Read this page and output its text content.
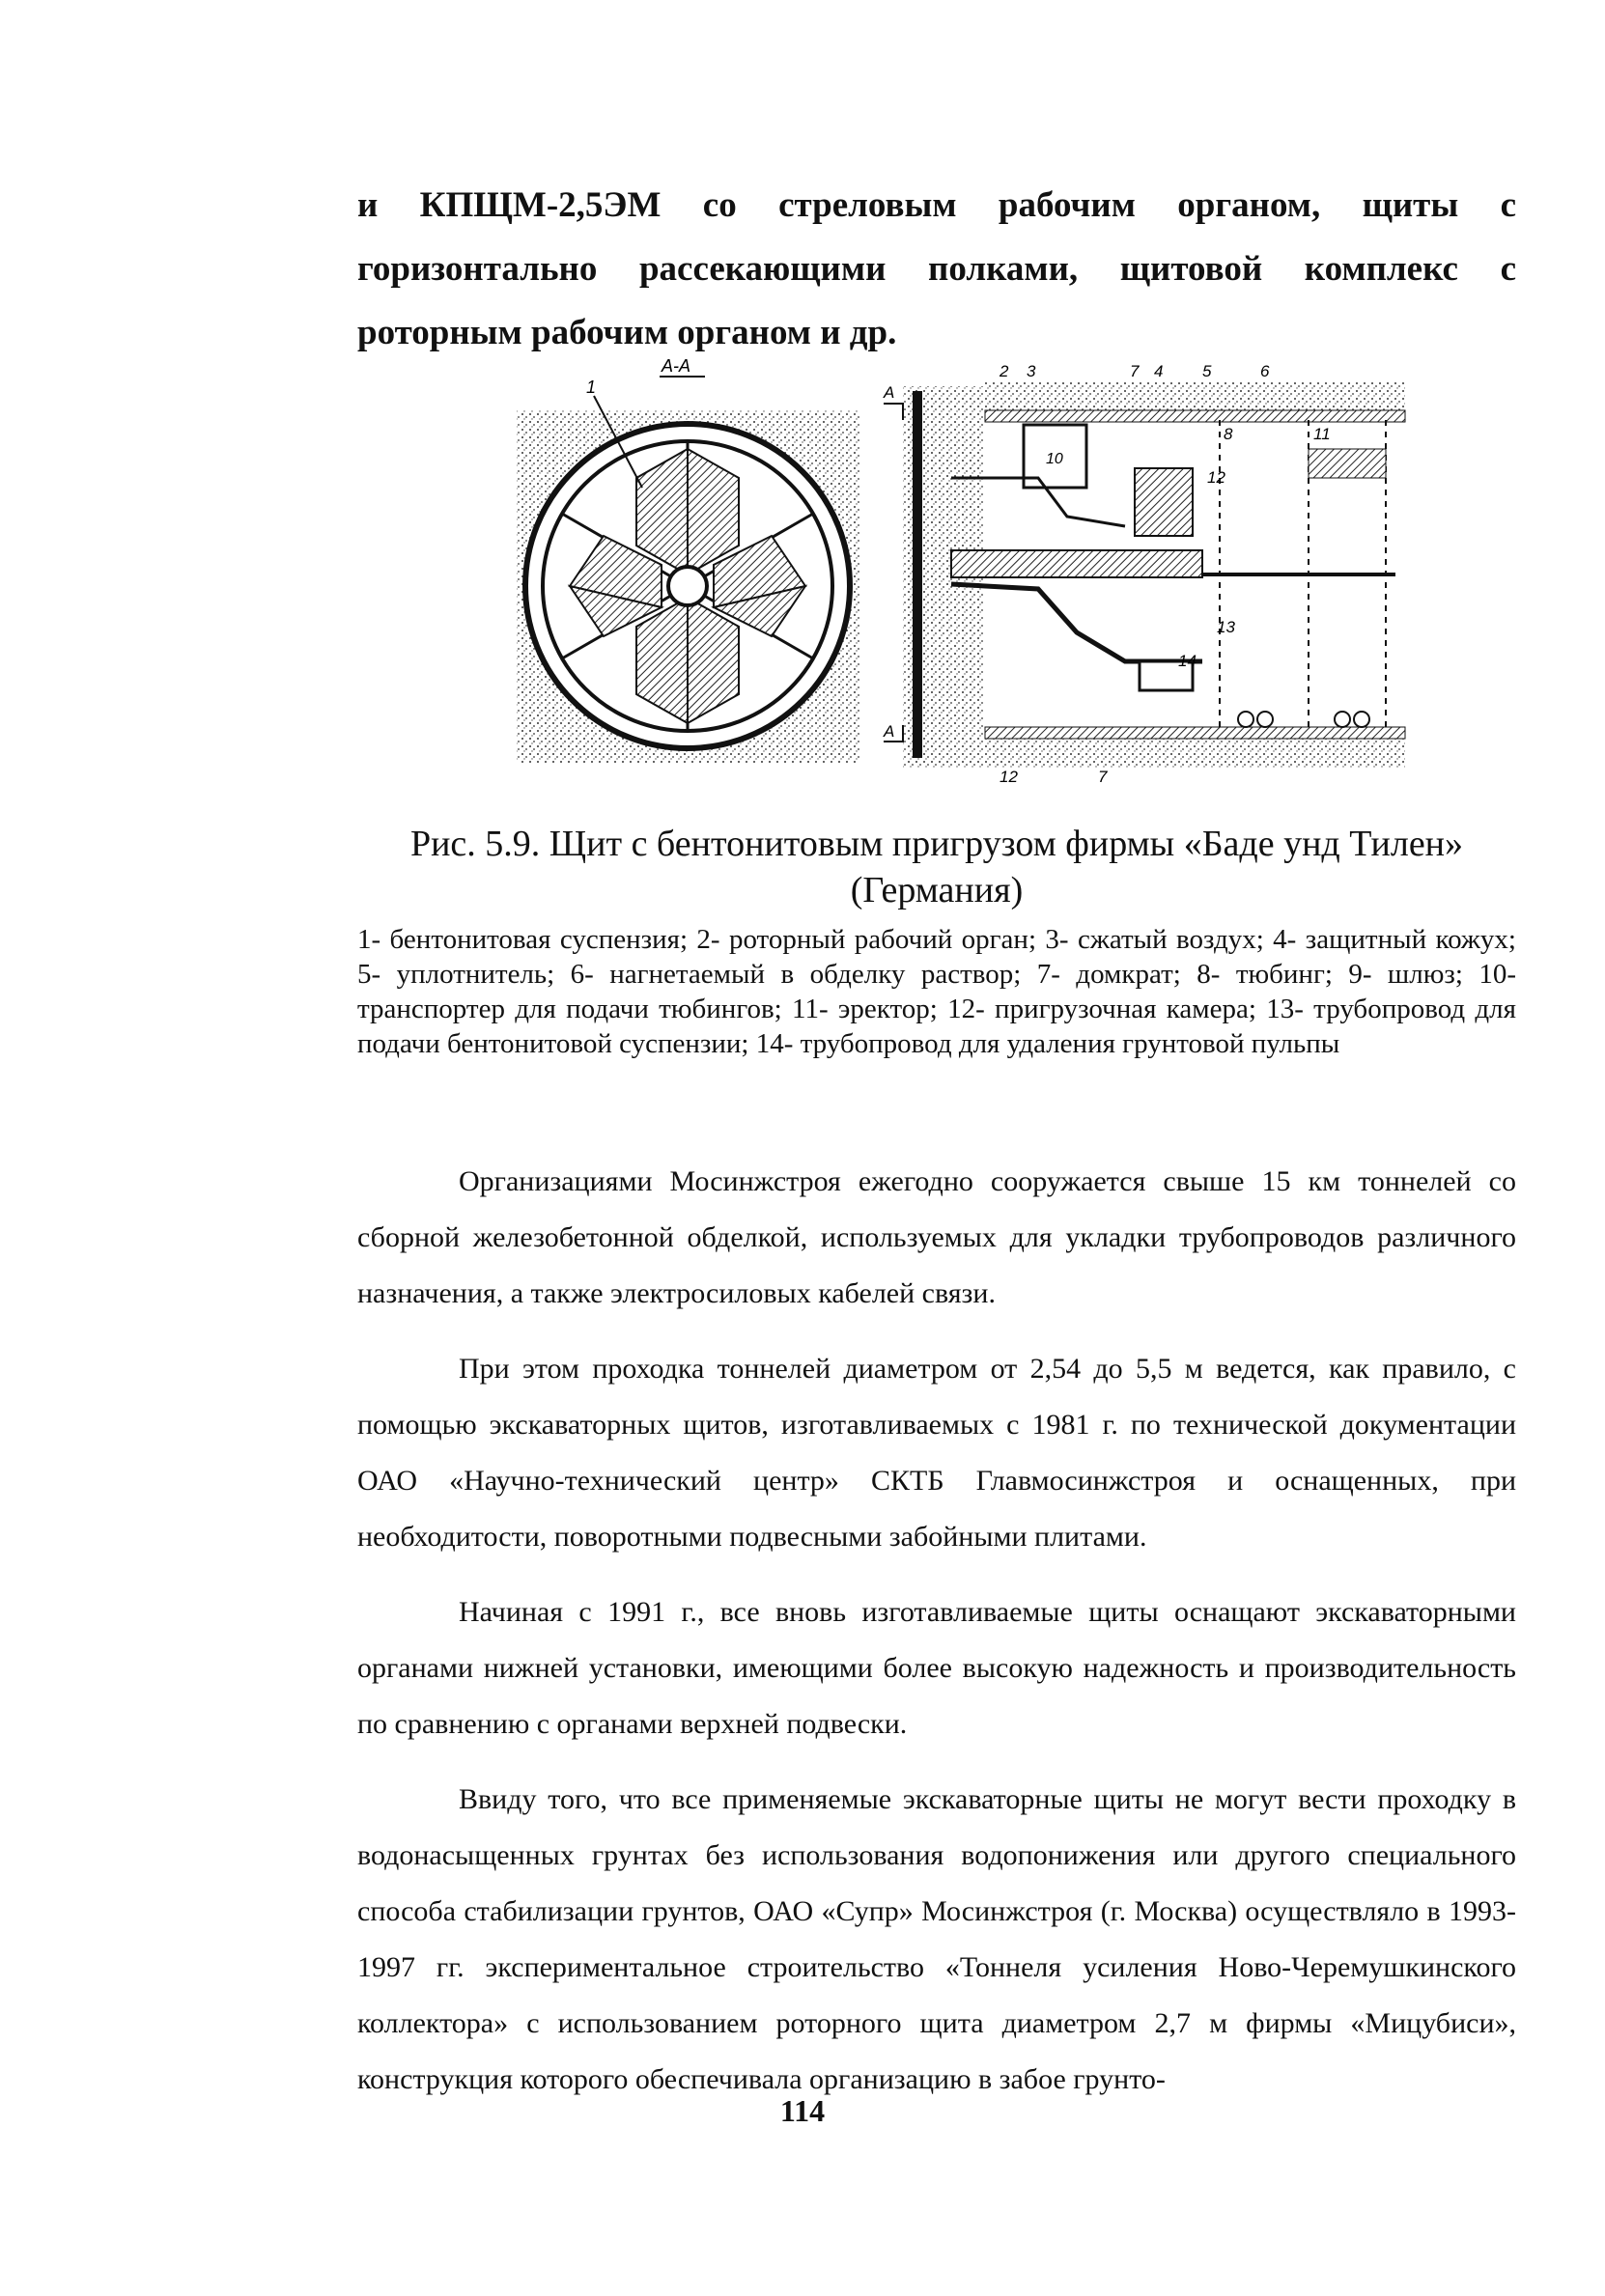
и КПЩМ-2,5ЭМ со стреловым рабочим органом, щиты с горизонтально рассекающими полками, щитовой комплекс с роторным рабочим органом и др.
А-А
1
10
2 3	7 4 5	6
8	11
12
14
13
12	7
А
А
Рис. 5.9. Щит с бентонитовым пригрузом фирмы «Баде унд Тилен» (Германия)
1- бентонитовая суспензия; 2- роторный рабочий орган; 3- сжатый воздух; 4- защитный кожух; 5- уплотнитель; 6- нагнетаемый в обделку раствор; 7- домкрат; 8- тюбинг; 9- шлюз; 10- транспортер для подачи тюбингов; 11- эректор; 12- пригрузочная камера; 13- трубопровод для подачи бентонитовой суспензии; 14- трубопровод для удаления грунтовой пульпы

Организациями Мосинжстроя ежегодно сооружается свыше 15 км тоннелей со сборной железобетонной обделкой, используемых для укладки трубопроводов различного назначения, а также электросиловых кабелей связи.

При этом проходка тоннелей диаметром от 2,54 до 5,5 м ведется, как правило, с помощью экскаваторных щитов, изготавливаемых с 1981 г. по технической документации ОАО «Научно-технический центр» СКТБ Главмосинжстроя и оснащенных, при необходитости, поворотными подвесными забойными плитами.

Начиная с 1991 г., все вновь изготавливаемые щиты оснащают экскаваторными органами нижней установки, имеющими более высокую надежность и производительность по сравнению с органами верхней подвески.

Ввиду того, что все применяемые экскаваторные щиты не могут вести проходку в водонасыщенных грунтах без использования водопонижения или другого специального способа стабилизации грунтов, ОАО «Супр» Мосинжстроя (г. Москва) осуществляло в 1993-1997 гг. экспериментальное строительство «Тоннеля усиления Ново-Черемушкинского коллектора» с использованием роторного щита диаметром 2,7 м фирмы «Мицубиси», конструкция которого обеспечивала организацию в забое грунто-

114
